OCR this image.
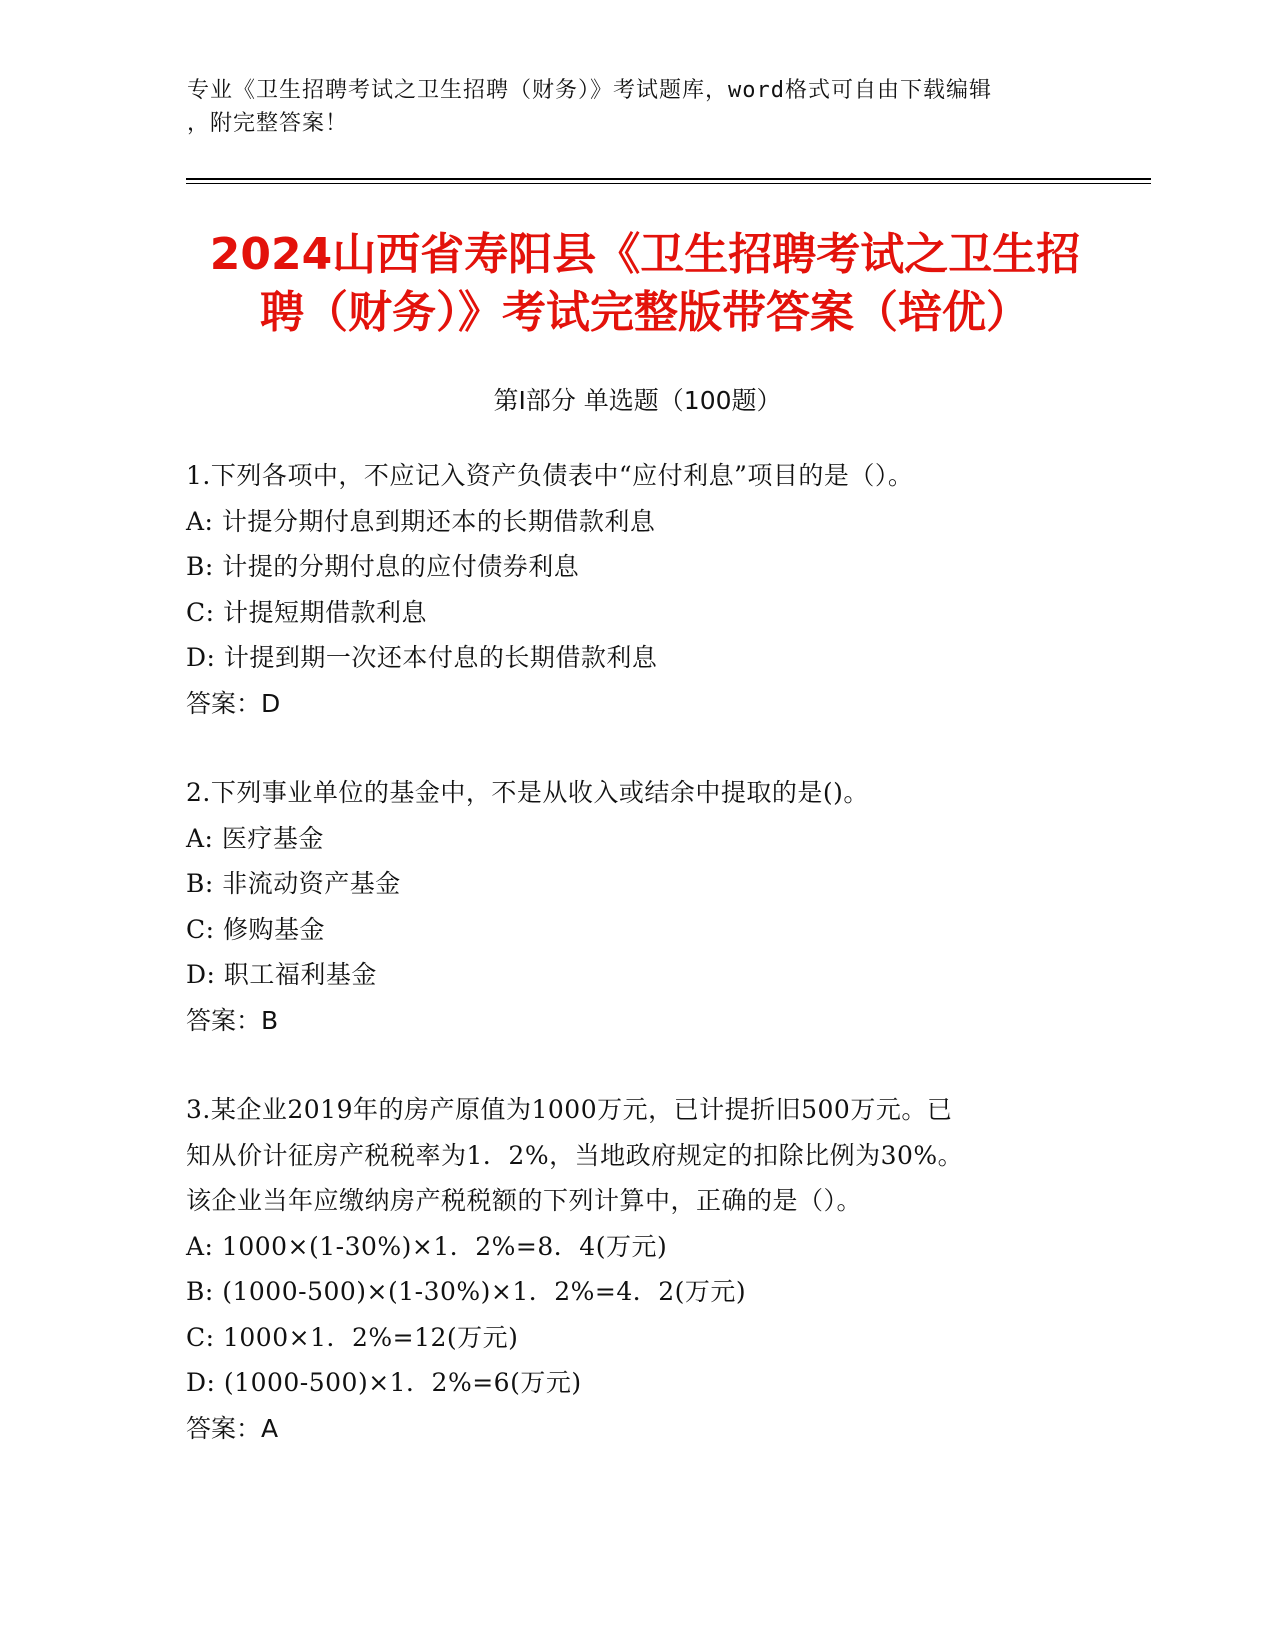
专业《卫生招聘考试之卫生招聘（财务）》考试题库，word格式可自由下载编辑
，附完整答案！
2024山西省寿阳县《卫生招聘考试之卫生招
聘（财务）》考试完整版带答案（培优）
第Ⅰ部分 单选题（100题）

1.下列各项中，不应记入资产负债表中“应付利息”项目的是（）。

A: 计提分期付息到期还本的长期借款利息

B: 计提的分期付息的应付债券利息

C: 计提短期借款利息

D: 计提到期一次还本付息的长期借款利息

答案：D

2.下列事业单位的基金中，不是从收入或结余中提取的是()。

A: 医疗基金

B: 非流动资产基金

C: 修购基金

D: 职工福利基金

答案：B

3.某企业2019年的房产原值为1000万元，已计提折旧500万元。已

知从价计征房产税税率为1．2%，当地政府规定的扣除比例为30%。

该企业当年应缴纳房产税税额的下列计算中，正确的是（）。

A: 1000×(1-30%)×1．2%=8．4(万元)

B: (1000-500)×(1-30%)×1．2%=4．2(万元)

C: 1000×1．2%=12(万元)

D: (1000-500)×1．2%=6(万元)

答案：A
